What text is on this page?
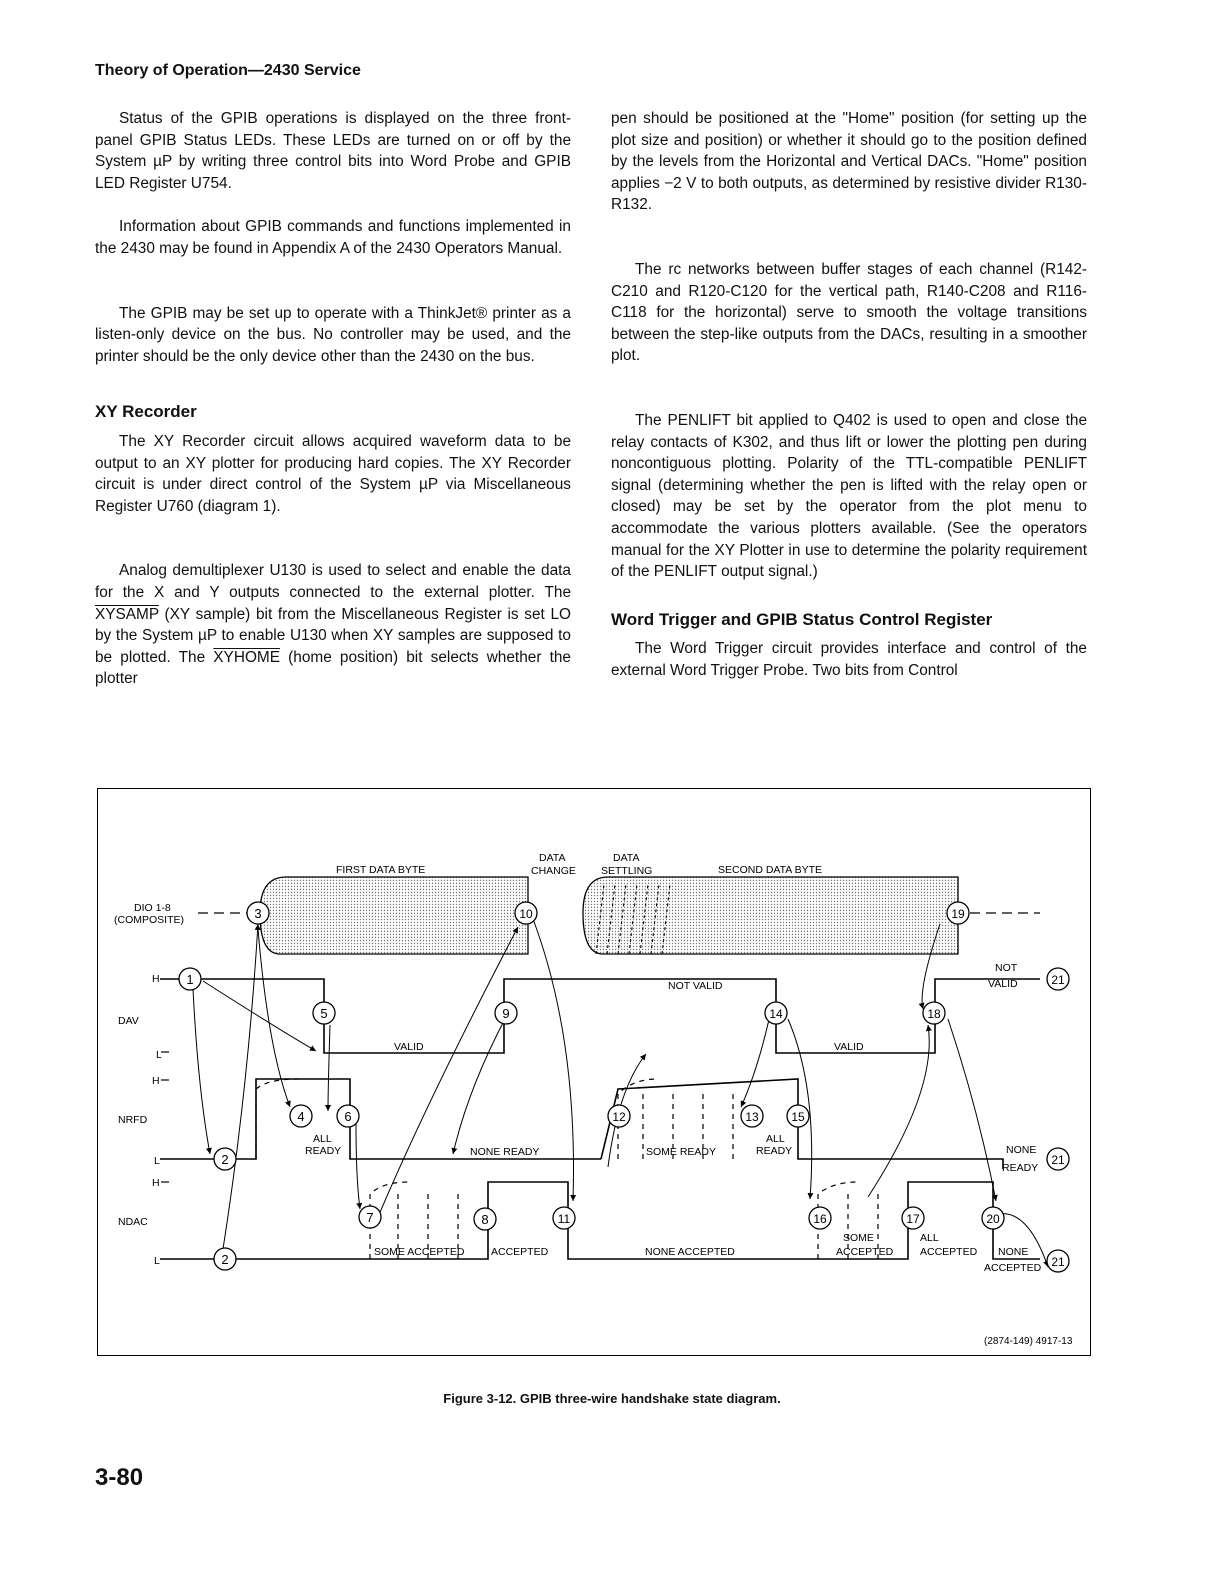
Theory of Operation—2430 Service

Status of the GPIB operations is displayed on the three front-panel GPIB Status LEDs. These LEDs are turned on or off by the System µP by writing three control bits into Word Probe and GPIB LED Register U754.

Information about GPIB commands and functions implemented in the 2430 may be found in Appendix A of the 2430 Operators Manual.

The GPIB may be set up to operate with a ThinkJet® printer as a listen-only device on the bus. No controller may be used, and the printer should be the only device other than the 2430 on the bus.

XY Recorder

The XY Recorder circuit allows acquired waveform data to be output to an XY plotter for producing hard copies. The XY Recorder circuit is under direct control of the System µP via Miscellaneous Register U760 (diagram 1).

Analog demultiplexer U130 is used to select and enable the data for the X and Y outputs connected to the external plotter. The XYSAMP (XY sample) bit from the Miscellaneous Register is set LO by the System µP to enable U130 when XY samples are supposed to be plotted. The XYHOME (home position) bit selects whether the plotter

pen should be positioned at the "Home" position (for setting up the plot size and position) or whether it should go to the position defined by the levels from the Horizontal and Vertical DACs. "Home" position applies −2 V to both outputs, as determined by resistive divider R130-R132.

The rc networks between buffer stages of each channel (R142-C210 and R120-C120 for the vertical path, R140-C208 and R116-C118 for the horizontal) serve to smooth the voltage transitions between the step-like outputs from the DACs, resulting in a smoother plot.

The PENLIFT bit applied to Q402 is used to open and close the relay contacts of K302, and thus lift or lower the plotting pen during noncontiguous plotting. Polarity of the TTL-compatible PENLIFT signal (determining whether the pen is lifted with the relay open or closed) may be set by the operator from the plot menu to accommodate the various plotters available. (See the operators manual for the XY Plotter in use to determine the polarity requirement of the PENLIFT output signal.)

Word Trigger and GPIB Status Control Register

The Word Trigger circuit provides interface and control of the external Word Trigger Probe. Two bits from Control

FIRST DATA BYTE
DATA
CHANGE
DATA
SETTLING	SECOND DATA BYTE
DIO 1-8
(COMPOSITE)
H
DAV
L
H
NRFD
L
H
NDAC
L
VALID
NOT VALID
VALID
NOT
VALID
ALL
READY	NONE READY	SOME READY
ALL
READY	NONE
READY
SOME ACCEPTED	ACCEPTED	NONE ACCEPTED
SOME
ACCEPTED
ALL
ACCEPTED NONE
ACCEPTED
1
2
2
3
4
5
6
7	8
9
10
11
12	13
14
15
16	17
18
19
20
21
21
21
(2874-149) 4917-13
Figure 3-12. GPIB three-wire handshake state diagram.
3-80
